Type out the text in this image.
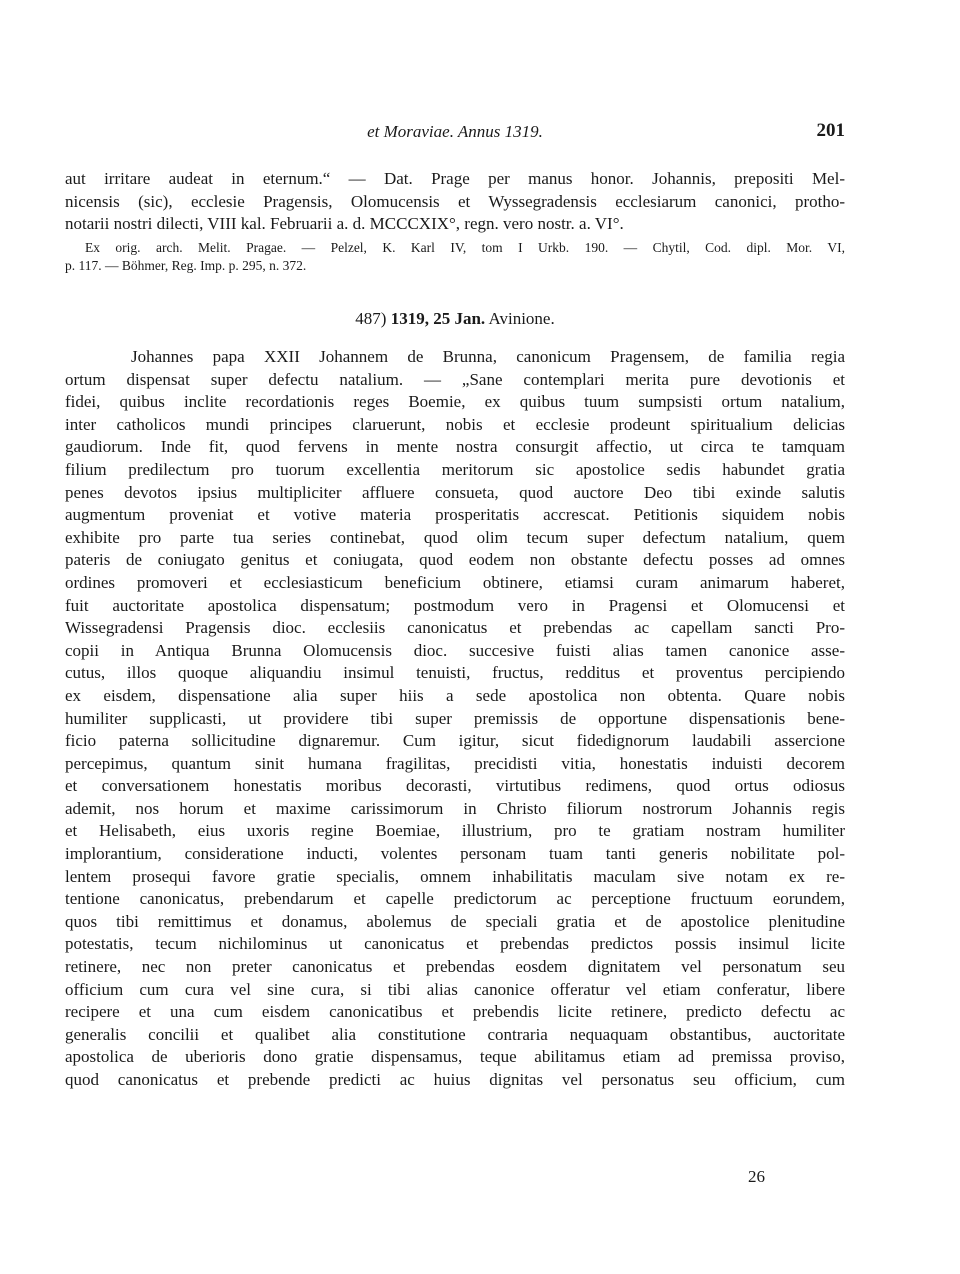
et Moraviae. Annus 1319.	201
aut irritare audeat in eternum.“ — Dat. Prage per manus honor. Johannis, prepositi Mel-
nicensis (sic), ecclesie Pragensis, Olomucensis et Wyssegradensis ecclesiarum canonici, protho-
notarii nostri dilecti, VIII kal. Februarii a. d. MCCCXIX°, regn. vero nostr. a. VI°.
Ex orig. arch. Melit. Pragae. — Pelzel, K. Karl IV, tom I Urkb. 190. — Chytil, Cod. dipl. Mor. VI,
p. 117. — Böhmer, Reg. Imp. p. 295, n. 372.
487) 1319, 25 Jan. Avinione.
Johannes papa XXII Johannem de Brunna, canonicum Pragensem, de familia regia
ortum dispensat super defectu natalium. — „Sane contemplari merita pure devotionis et
fidei, quibus inclite recordationis reges Boemie, ex quibus tuum sumpsisti ortum natalium,
inter catholicos mundi principes claruerunt, nobis et ecclesie prodeunt spiritualium delicias
gaudiorum. Inde fit, quod fervens in mente nostra consurgit affectio, ut circa te tamquam
filium predilectum pro tuorum excellentia meritorum sic apostolice sedis habundet gratia
penes devotos ipsius multipliciter affluere consueta, quod auctore Deo tibi exinde salutis
augmentum proveniat et votive materia prosperitatis accrescat. Petitionis siquidem nobis
exhibite pro parte tua series continebat, quod olim tecum super defectum natalium, quem
pateris de coniugato genitus et coniugata, quod eodem non obstante defectu posses ad omnes
ordines promoveri et ecclesiasticum beneficium obtinere, etiamsi curam animarum haberet,
fuit auctoritate apostolica dispensatum; postmodum vero in Pragensi et Olomucensi et
Wissegradensi Pragensis dioc. ecclesiis canonicatus et prebendas ac capellam sancti Pro-
copii in Antiqua Brunna Olomucensis dioc. succesive fuisti alias tamen canonice asse-
cutus, illos quoque aliquandiu insimul tenuisti, fructus, redditus et proventus percipiendo
ex eisdem, dispensatione alia super hiis a sede apostolica non obtenta. Quare nobis
humiliter supplicasti, ut providere tibi super premissis de opportune dispensationis bene-
ficio paterna sollicitudine dignaremur. Cum igitur, sicut fidedignorum laudabili assercione
percepimus, quantum sinit humana fragilitas, precidisti vitia, honestatis induisti decorem
et conversationem honestatis moribus decorasti, virtutibus redimens, quod ortus odiosus
ademit, nos horum et maxime carissimorum in Christo filiorum nostrorum Johannis regis
et Helisabeth, eius uxoris regine Boemiae, illustrium, pro te gratiam nostram humiliter
implorantium, consideratione inducti, volentes personam tuam tanti generis nobilitate pol-
lentem prosequi favore gratie specialis, omnem inhabilitatis maculam sive notam ex re-
tentione canonicatus, prebendarum et capelle predictorum ac perceptione fructuum eorundem,
quos tibi remittimus et donamus, abolemus de speciali gratia et de apostolice plenitudine
potestatis, tecum nichilominus ut canonicatus et prebendas predictos possis insimul licite
retinere, nec non preter canonicatus et prebendas eosdem dignitatem vel personatum seu
officium cum cura vel sine cura, si tibi alias canonice offeratur vel etiam conferatur, libere
recipere et una cum eisdem canonicatibus et prebendis licite retinere, predicto defectu ac
generalis concilii et qualibet alia constitutione contraria nequaquam obstantibus, auctoritate
apostolica de uberioris dono gratie dispensamus, teque abilitamus etiam ad premissa proviso,
quod canonicatus et prebende predicti ac huius dignitas vel personatus seu officium, cum
26
